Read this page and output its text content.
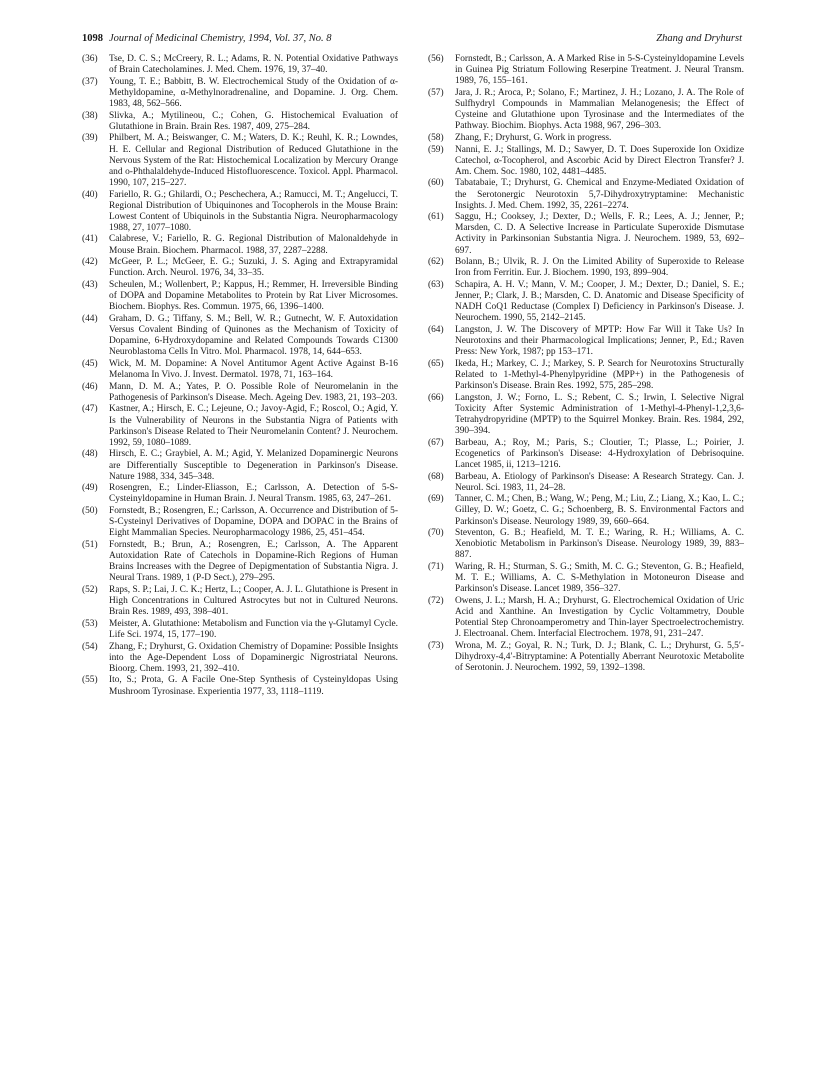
1098 Journal of Medicinal Chemistry, 1994, Vol. 37, No. 8	Zhang and Dryhurst
(36)	Tse, D. C. S.; McCreery, R. L.; Adams, R. N. Potential Oxidative Pathways of Brain Catecholamines. J. Med. Chem. 1976, 19, 37–40.
(37)	Young, T. E.; Babbitt, B. W. Electrochemical Study of the Oxidation of α-Methyldopamine, α-Methylnoradrenaline, and Dopamine. J. Org. Chem. 1983, 48, 562–566.
(38)	Slivka, A.; Mytilineou, C.; Cohen, G. Histochemical Evaluation of Glutathione in Brain. Brain Res. 1987, 409, 275–284.
(39)	Philbert, M. A.; Beiswanger, C. M.; Waters, D. K.; Reuhl, K. R.; Lowndes, H. E. Cellular and Regional Distribution of Reduced Glutathione in the Nervous System of the Rat: Histochemical Localization by Mercury Orange and o-Phthalaldehyde-Induced Histofluorescence. Toxicol. Appl. Pharmacol. 1990, 107, 215–227.
(40)	Fariello, R. G.; Ghilardi, O.; Peschechera, A.; Ramucci, M. T.; Angelucci, T. Regional Distribution of Ubiquinones and Tocopherols in the Mouse Brain: Lowest Content of Ubiquinols in the Substantia Nigra. Neuropharmacology 1988, 27, 1077–1080.
(41)	Calabrese, V.; Fariello, R. G. Regional Distribution of Malonaldehyde in Mouse Brain. Biochem. Pharmacol. 1988, 37, 2287–2288.
(42)	McGeer, P. L.; McGeer, E. G.; Suzuki, J. S. Aging and Extrapyramidal Function. Arch. Neurol. 1976, 34, 33–35.
(43)	Scheulen, M.; Wollenbert, P.; Kappus, H.; Remmer, H. Irreversible Binding of DOPA and Dopamine Metabolites to Protein by Rat Liver Microsomes. Biochem. Biophys. Res. Commun. 1975, 66, 1396–1400.
(44)	Graham, D. G.; Tiffany, S. M.; Bell, W. R.; Gutnecht, W. F. Autoxidation Versus Covalent Binding of Quinones as the Mechanism of Toxicity of Dopamine, 6-Hydroxydopamine and Related Compounds Towards C1300 Neuroblastoma Cells In Vitro. Mol. Pharmacol. 1978, 14, 644–653.
(45)	Wick, M. M. Dopamine: A Novel Antitumor Agent Active Against B-16 Melanoma In Vivo. J. Invest. Dermatol. 1978, 71, 163–164.
(46)	Mann, D. M. A.; Yates, P. O. Possible Role of Neuromelanin in the Pathogenesis of Parkinson's Disease. Mech. Ageing Dev. 1983, 21, 193–203.
(47)	Kastner, A.; Hirsch, E. C.; Lejeune, O.; Javoy-Agid, F.; Roscol, O.; Agid, Y. Is the Vulnerability of Neurons in the Substantia Nigra of Patients with Parkinson's Disease Related to Their Neuromelanin Content? J. Neurochem. 1992, 59, 1080–1089.
(48)	Hirsch, E. C.; Graybiel, A. M.; Agid, Y. Melanized Dopaminergic Neurons are Differentially Susceptible to Degeneration in Parkinson's Disease. Nature 1988, 334, 345–348.
(49)	Rosengren, E.; Linder-Eliasson, E.; Carlsson, A. Detection of 5-S-Cysteinyldopamine in Human Brain. J. Neural Transm. 1985, 63, 247–261.
(50)	Fornstedt, B.; Rosengren, E.; Carlsson, A. Occurrence and Distribution of 5-S-Cysteinyl Derivatives of Dopamine, DOPA and DOPAC in the Brains of Eight Mammalian Species. Neuropharmacology 1986, 25, 451–454.
(51)	Fornstedt, B.; Brun, A.; Rosengren, E.; Carlsson, A. The Apparent Autoxidation Rate of Catechols in Dopamine-Rich Regions of Human Brains Increases with the Degree of Depigmentation of Substantia Nigra. J. Neural Trans. 1989, 1 (P-D Sect.), 279–295.
(52)	Raps, S. P.; Lai, J. C. K.; Hertz, L.; Cooper, A. J. L. Glutathione is Present in High Concentrations in Cultured Astrocytes but not in Cultured Neurons. Brain Res. 1989, 493, 398–401.
(53)	Meister, A. Glutathione: Metabolism and Function via the γ-Glutamyl Cycle. Life Sci. 1974, 15, 177–190.
(54)	Zhang, F.; Dryhurst, G. Oxidation Chemistry of Dopamine: Possible Insights into the Age-Dependent Loss of Dopaminergic Nigrostriatal Neurons. Bioorg. Chem. 1993, 21, 392–410.
(55)	Ito, S.; Prota, G. A Facile One-Step Synthesis of Cysteinyldopas Using Mushroom Tyrosinase. Experientia 1977, 33, 1118–1119.
(56)	Fornstedt, B.; Carlsson, A. A Marked Rise in 5-S-Cysteinyldopamine Levels in Guinea Pig Striatum Following Reserpine Treatment. J. Neural Transm. 1989, 76, 155–161.
(57)	Jara, J. R.; Aroca, P.; Solano, F.; Martinez, J. H.; Lozano, J. A. The Role of Sulfhydryl Compounds in Mammalian Melanogenesis; the Effect of Cysteine and Glutathione upon Tyrosinase and the Intermediates of the Pathway. Biochim. Biophys. Acta 1988, 967, 296–303.
(58)	Zhang, F.; Dryhurst, G. Work in progress.
(59)	Nanni, E. J.; Stallings, M. D.; Sawyer, D. T. Does Superoxide Ion Oxidize Catechol, α-Tocopherol, and Ascorbic Acid by Direct Electron Transfer? J. Am. Chem. Soc. 1980, 102, 4481–4485.
(60)	Tabatabaie, T.; Dryhurst, G. Chemical and Enzyme-Mediated Oxidation of the Serotonergic Neurotoxin 5,7-Dihydroxytryptamine: Mechanistic Insights. J. Med. Chem. 1992, 35, 2261–2274.
(61)	Saggu, H.; Cooksey, J.; Dexter, D.; Wells, F. R.; Lees, A. J.; Jenner, P.; Marsden, C. D. A Selective Increase in Particulate Superoxide Dismutase Activity in Parkinsonian Substantia Nigra. J. Neurochem. 1989, 53, 692–697.
(62)	Bolann, B.; Ulvik, R. J. On the Limited Ability of Superoxide to Release Iron from Ferritin. Eur. J. Biochem. 1990, 193, 899–904.
(63)	Schapira, A. H. V.; Mann, V. M.; Cooper, J. M.; Dexter, D.; Daniel, S. E.; Jenner, P.; Clark, J. B.; Marsden, C. D. Anatomic and Disease Specificity of NADH CoQ1 Reductase (Complex I) Deficiency in Parkinson's Disease. J. Neurochem. 1990, 55, 2142–2145.
(64)	Langston, J. W. The Discovery of MPTP: How Far Will it Take Us? In Neurotoxins and their Pharmacological Implications; Jenner, P., Ed.; Raven Press: New York, 1987; pp 153–171.
(65)	Ikeda, H.; Markey, C. J.; Markey, S. P. Search for Neurotoxins Structurally Related to 1-Methyl-4-Phenylpyridine (MPP+) in the Pathogenesis of Parkinson's Disease. Brain Res. 1992, 575, 285–298.
(66)	Langston, J. W.; Forno, L. S.; Rebent, C. S.; Irwin, I. Selective Nigral Toxicity After Systemic Administration of 1-Methyl-4-Phenyl-1,2,3,6-Tetrahydropyridine (MPTP) to the Squirrel Monkey. Brain. Res. 1984, 292, 390–394.
(67)	Barbeau, A.; Roy, M.; Paris, S.; Cloutier, T.; Plasse, L.; Poirier, J. Ecogenetics of Parkinson's Disease: 4-Hydroxylation of Debrisoquine. Lancet 1985, ii, 1213–1216.
(68)	Barbeau, A. Etiology of Parkinson's Disease: A Research Strategy. Can. J. Neurol. Sci. 1983, 11, 24–28.
(69)	Tanner, C. M.; Chen, B.; Wang, W.; Peng, M.; Liu, Z.; Liang, X.; Kao, L. C.; Gilley, D. W.; Goetz, C. G.; Schoenberg, B. S. Environmental Factors and Parkinson's Disease. Neurology 1989, 39, 660–664.
(70)	Steventon, G. B.; Heafield, M. T. E.; Waring, R. H.; Williams, A. C. Xenobiotic Metabolism in Parkinson's Disease. Neurology 1989, 39, 883–887.
(71)	Waring, R. H.; Sturman, S. G.; Smith, M. C. G.; Steventon, G. B.; Heafield, M. T. E.; Williams, A. C. S-Methylation in Motoneuron Disease and Parkinson's Disease. Lancet 1989, 356–327.
(72)	Owens, J. L.; Marsh, H. A.; Dryhurst, G. Electrochemical Oxidation of Uric Acid and Xanthine. An Investigation by Cyclic Voltammetry, Double Potential Step Chronoamperometry and Thin-layer Spectroelectrochemistry. J. Electroanal. Chem. Interfacial Electrochem. 1978, 91, 231–247.
(73)	Wrona, M. Z.; Goyal, R. N.; Turk, D. J.; Blank, C. L.; Dryhurst, G. 5,5′-Dihydroxy-4,4′-Bitryptamine: A Potentially Aberrant Neurotoxic Metabolite of Serotonin. J. Neurochem. 1992, 59, 1392–1398.
